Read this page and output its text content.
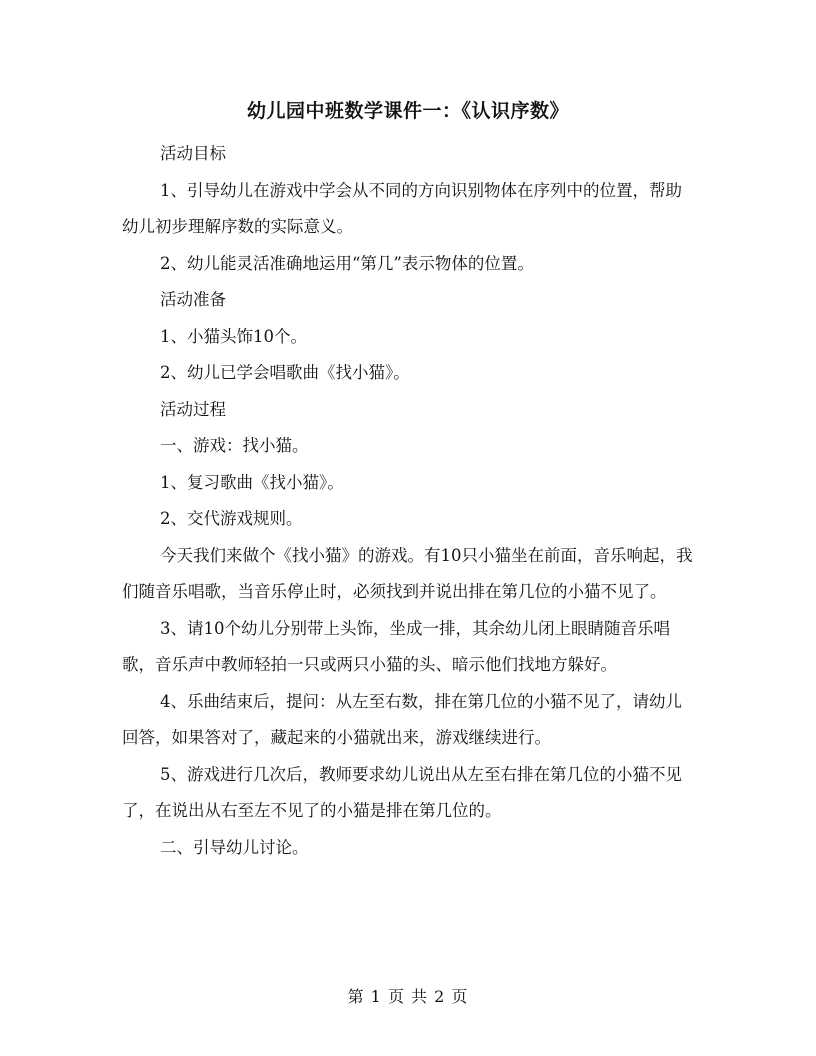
幼儿园中班数学课件一：《认识序数》

活动目标

1、引导幼儿在游戏中学会从不同的方向识别物体在序列中的位置，帮助幼儿初步理解序数的实际意义。

2、幼儿能灵活准确地运用“第几”表示物体的位置。

活动准备

1、小猫头饰10个。

2、幼儿已学会唱歌曲《找小猫》。

活动过程

一、游戏：找小猫。

1、复习歌曲《找小猫》。

2、交代游戏规则。

今天我们来做个《找小猫》的游戏。有10只小猫坐在前面，音乐响起，我们随音乐唱歌，当音乐停止时，必须找到并说出排在第几位的小猫不见了。

3、请10个幼儿分别带上头饰，坐成一排，其余幼儿闭上眼睛随音乐唱歌，音乐声中教师轻拍一只或两只小猫的头、暗示他们找地方躲好。

4、乐曲结束后，提问：从左至右数，排在第几位的小猫不见了，请幼儿回答，如果答对了，藏起来的小猫就出来，游戏继续进行。

5、游戏进行几次后，教师要求幼儿说出从左至右排在第几位的小猫不见了，在说出从右至左不见了的小猫是排在第几位的。

二、引导幼儿讨论。

第 1 页 共 2 页
